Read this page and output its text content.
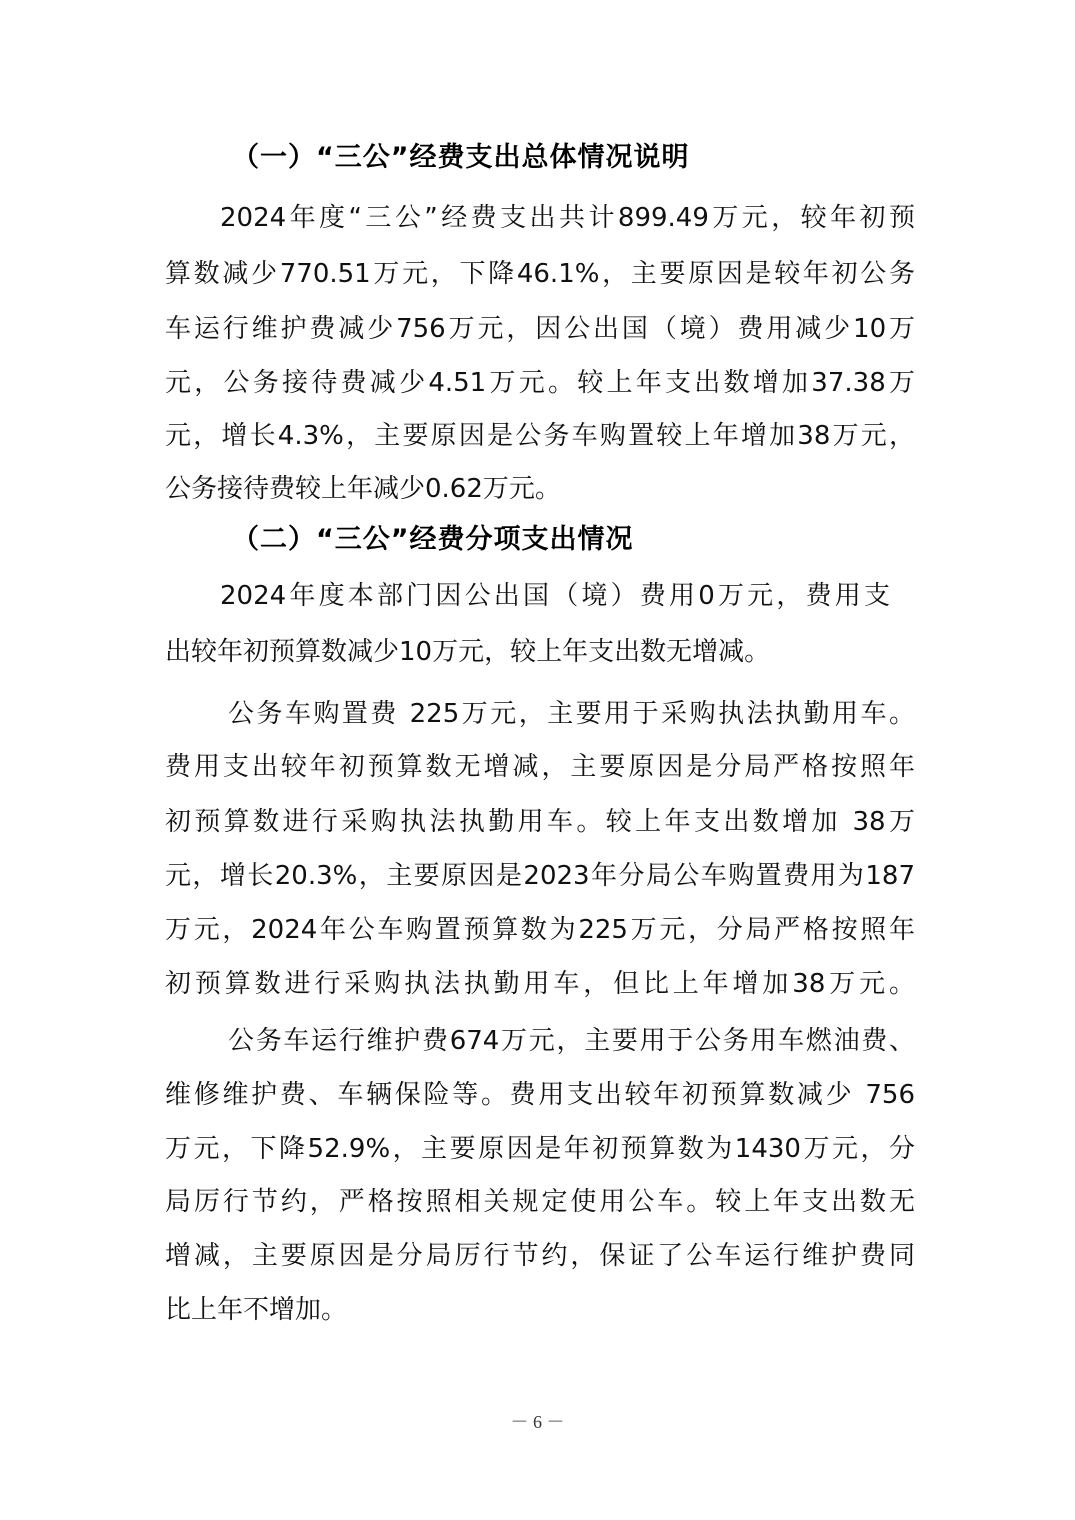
（一）“三公”经费支出总体情况说明
2024年度“三公”经费支出共计899.49万元，较年初预
算数减少770.51万元，下降46.1%，主要原因是较年初公务
车运行维护费减少756万元，因公出国（境）费用减少10万
元，公务接待费减少4.51万元。较上年支出数增加37.38万
元，增长4.3%，主要原因是公务车购置较上年增加38万元，
公务接待费较上年减少0.62万元。
（二）“三公”经费分项支出情况
2024年度本部门因公出国（境）费用0万元，费用支
出较年初预算数减少10万元，较上年支出数无增减。
公务车购置费 225万元，主要用于采购执法执勤用车。
费用支出较年初预算数无增减，主要原因是分局严格按照年
初预算数进行采购执法执勤用车。较上年支出数增加 38万
元，增长20.3%，主要原因是2023年分局公车购置费用为187
万元，2024年公车购置预算数为225万元，分局严格按照年
初预算数进行采购执法执勤用车，但比上年增加38万元。
公务车运行维护费674万元，主要用于公务用车燃油费、
维修维护费、车辆保险等。费用支出较年初预算数减少 756
万元，下降52.9%，主要原因是年初预算数为1430万元，分
局厉行节约，严格按照相关规定使用公车。较上年支出数无
增减，主要原因是分局厉行节约，保证了公车运行维护费同
比上年不增加。
－ 6 －
